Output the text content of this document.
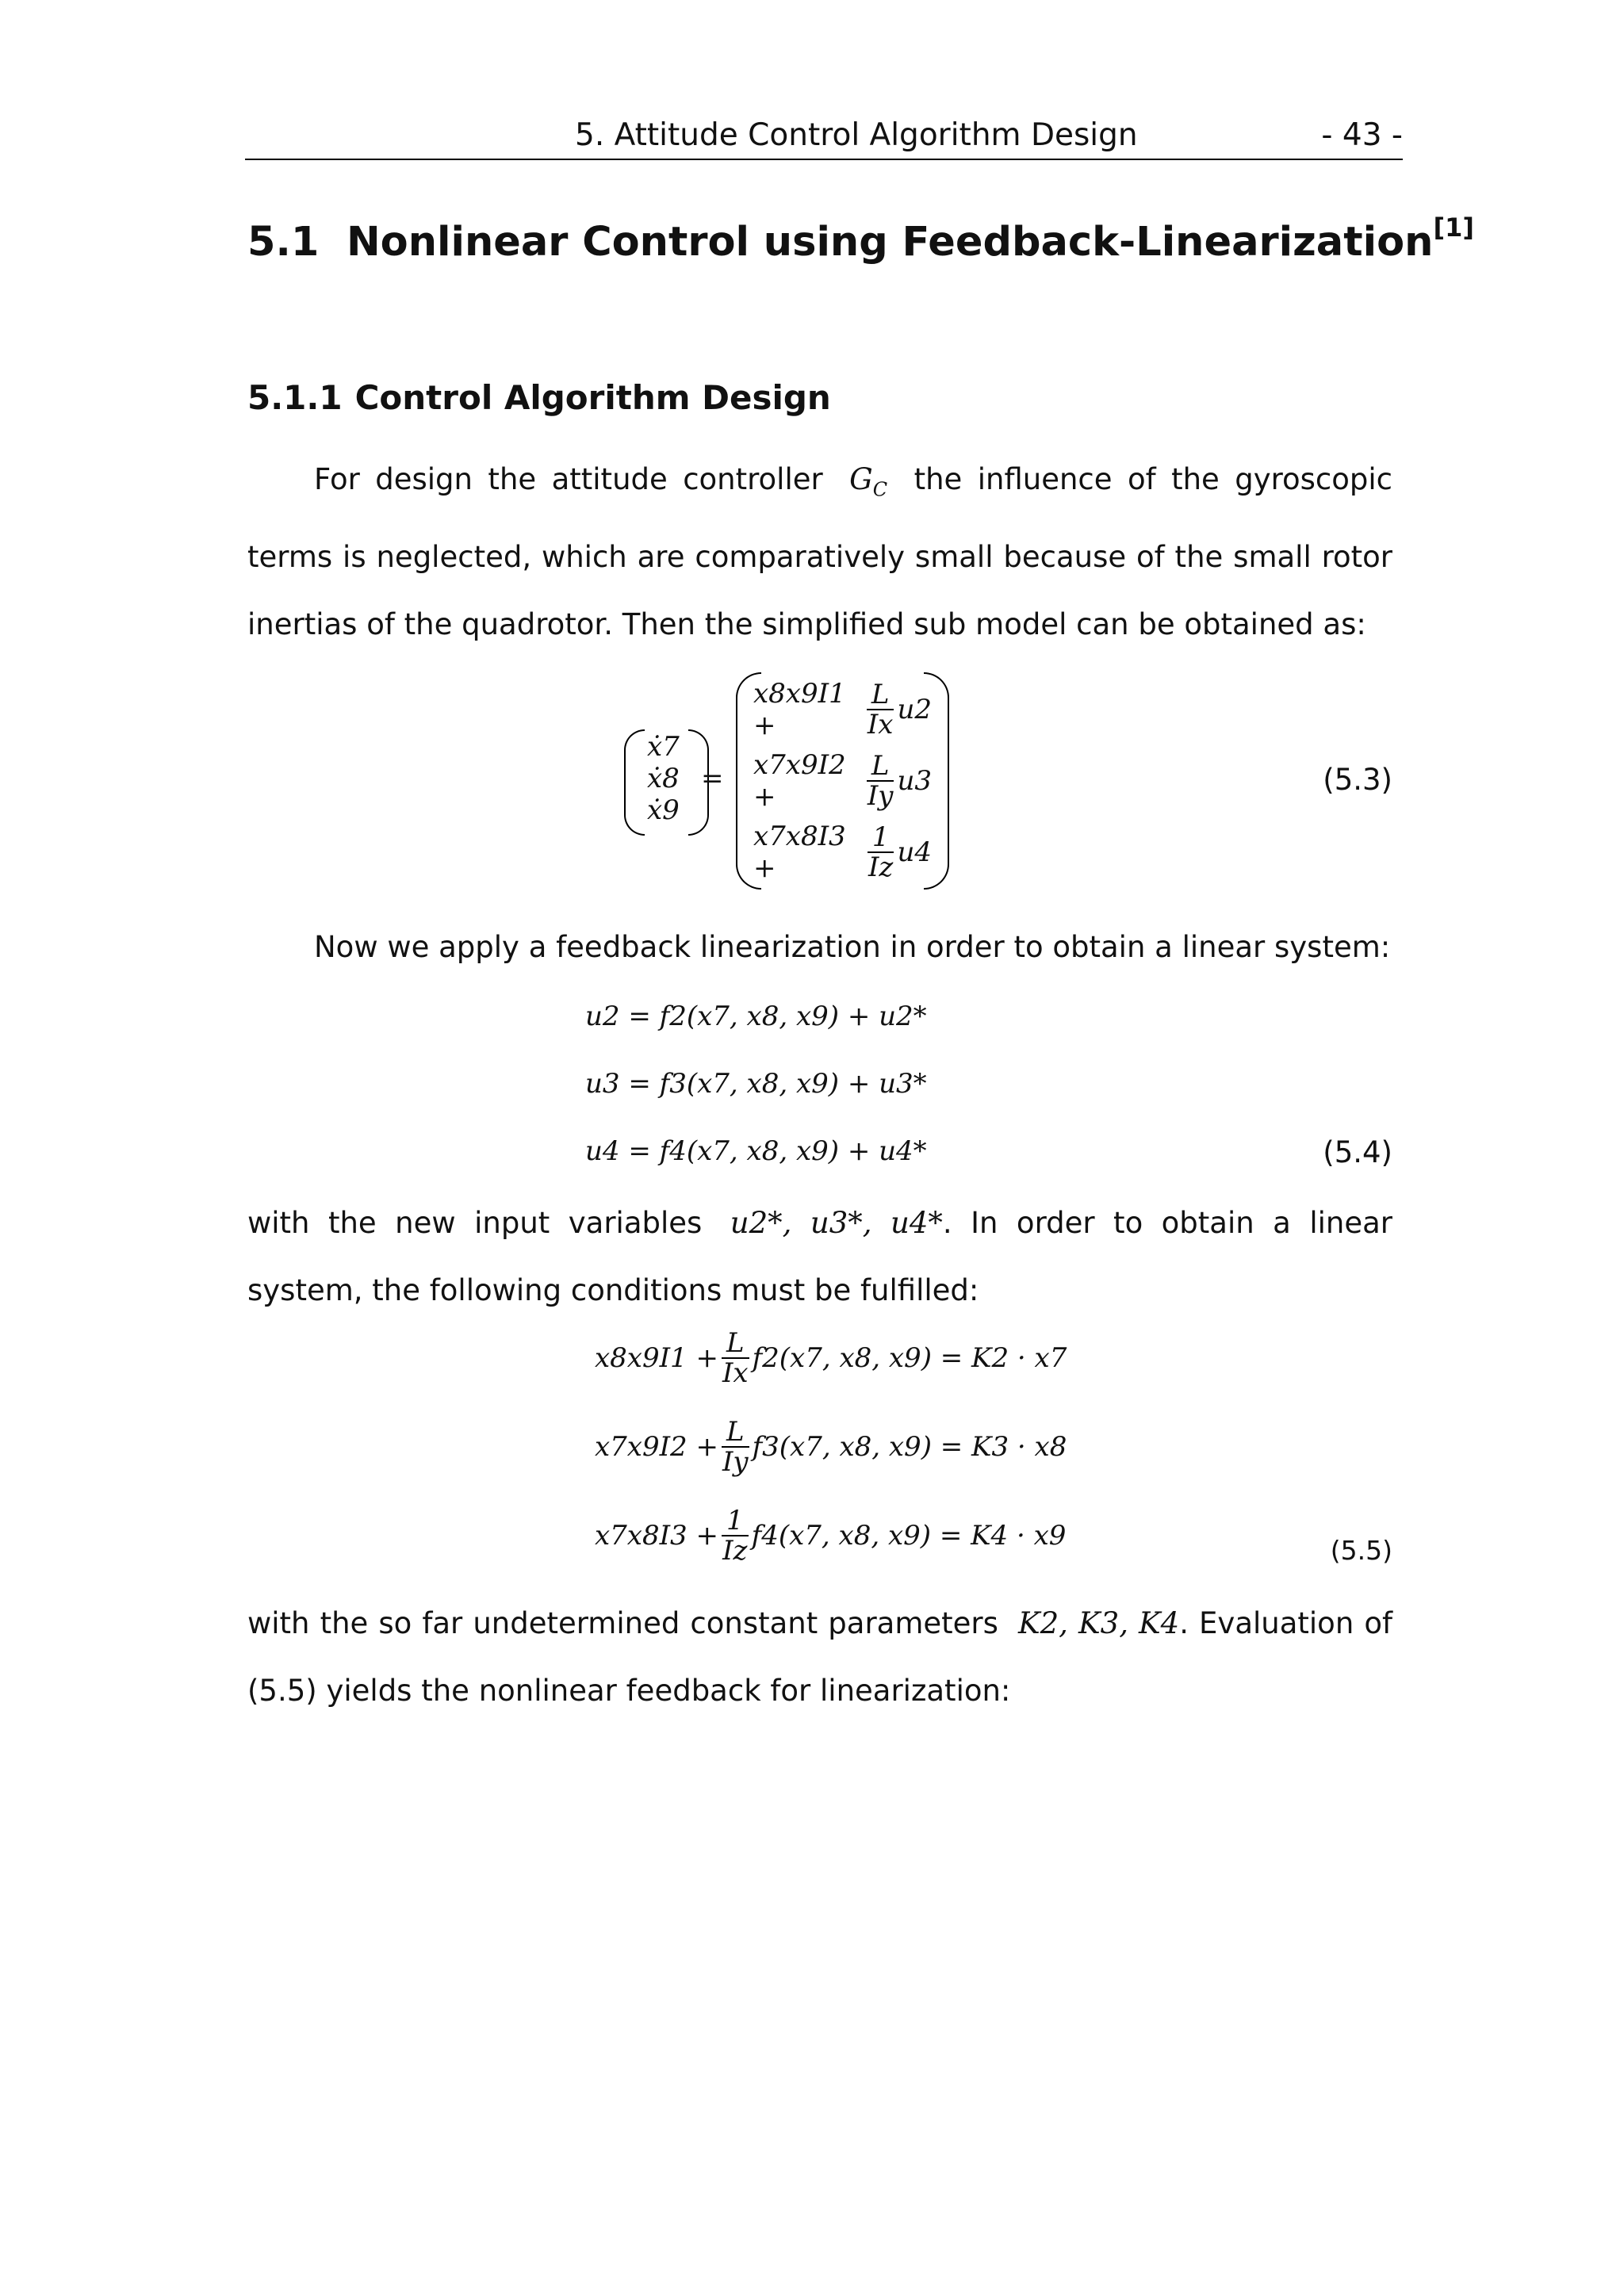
5. Attitude Control Algorithm Design	- 43 -
5.1 Nonlinear Control using Feedback-Linearization[1]
5.1.1 Control Algorithm Design
For design the attitude controller $G_C$ the influence of the gyroscopic terms is neglected, which are comparatively small because of the small rotor inertias of the quadrotor. Then the simplified sub model can be obtained as:
ẋ7
ẋ8
ẋ9
=
x8x9I1 +	$\frac{L}{Ix} u2$
x7x9I2 +	$\frac{L}{Iy} u3$
x7x8I3 +	$\frac{1}{Iz} u4$
(5.3)
Now we apply a feedback linearization in order to obtain a linear system:
u2 = f2(x7, x8, x9) + u2*
u3 = f3(x7, x8, x9) + u3*
u4 = f4(x7, x8, x9) + u4*	(5.4)
with the new input variables u2*, u3*, u4*. In order to obtain a linear system, the following conditions must be fulfilled:
$x8x9I1 + \frac{L}{Ix} f2(x7$, x8, x9) = K2 · x7
$x7x9I2 + \frac{L}{Iy} f3(x7$, x8, x9) = K3 · x8
$x7x8I3 + \frac{1}{Iz} f4(x7$, x8, x9) = K4 · x9	(5.5)
with the so far undetermined constant parameters K2, K3, K4. Evaluation of (5.5) yields the nonlinear feedback for linearization:
